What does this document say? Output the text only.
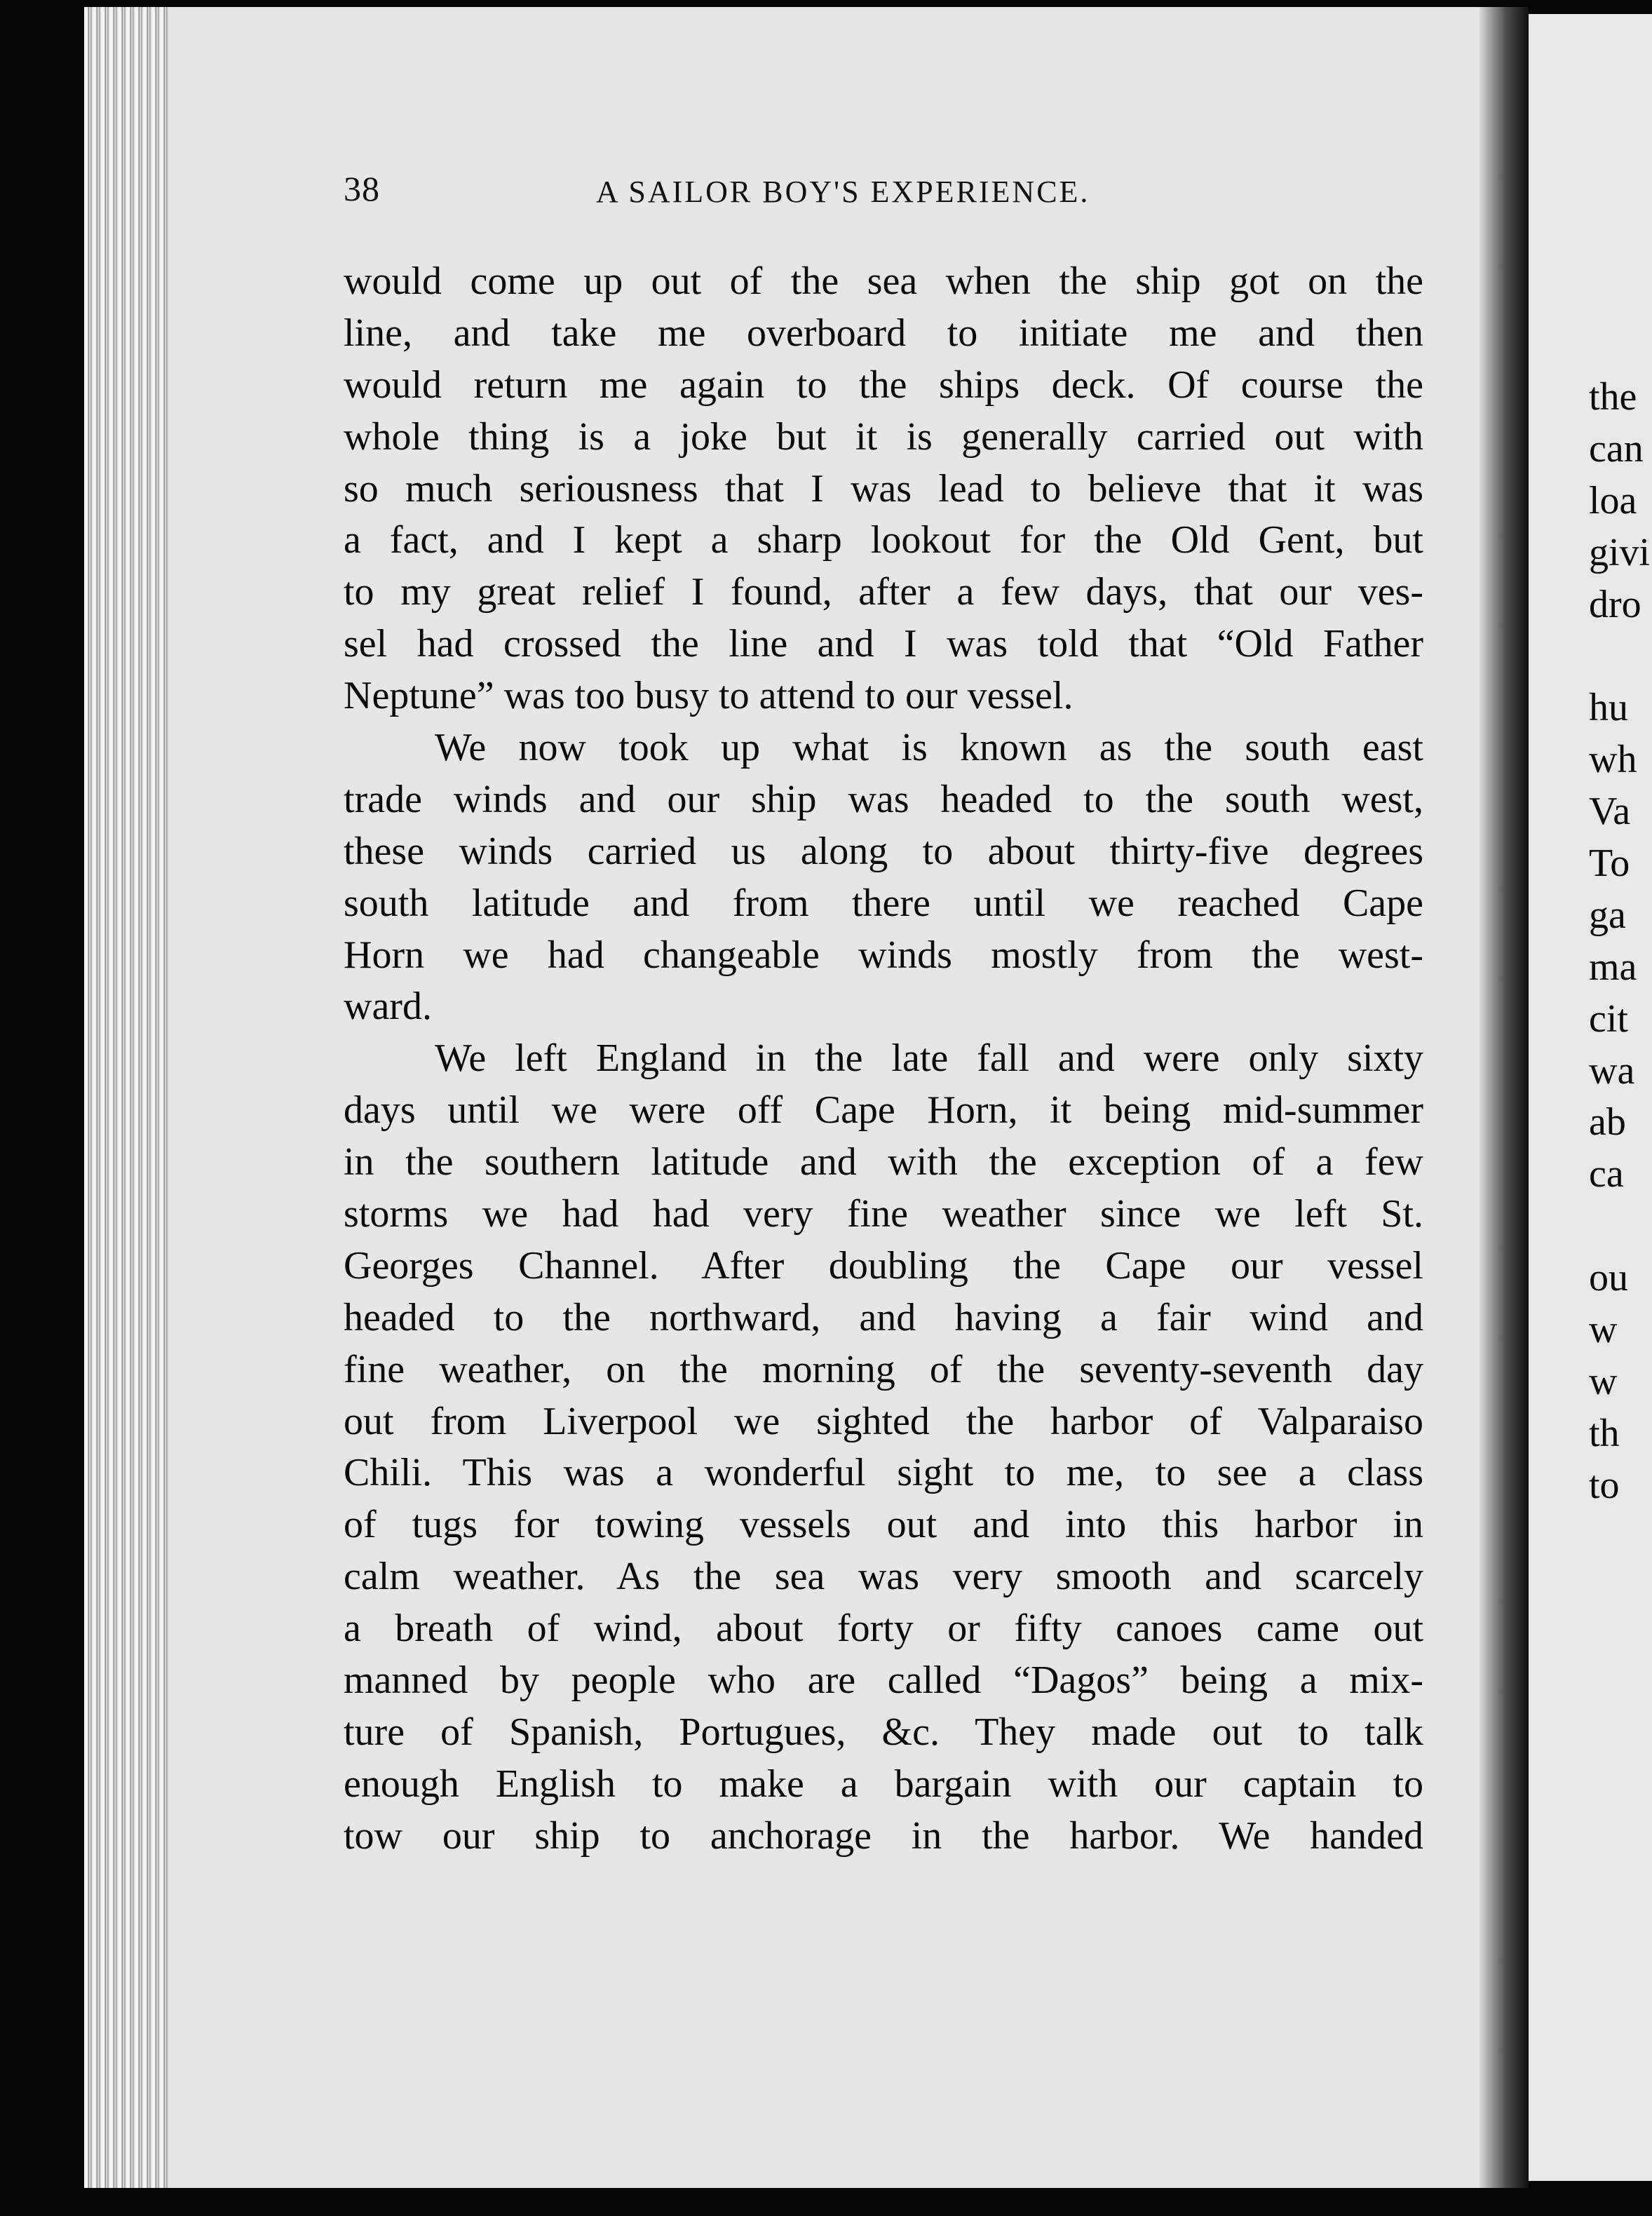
38	A SAILOR BOY'S EXPERIENCE.
would come up out of the sea when the ship got on the
line, and take me overboard to initiate me and then
would return me again to the ships deck. Of course the
whole thing is a joke but it is generally carried out with
so much seriousness that I was lead to believe that it was
a fact, and I kept a sharp lookout for the Old Gent, but
to my great relief I found, after a few days, that our ves-
sel had crossed the line and I was told that “Old Father
Neptune” was too busy to attend to our vessel.
We now took up what is known as the south east
trade winds and our ship was headed to the south west,
these winds carried us along to about thirty-five degrees
south latitude and from there until we reached Cape
Horn we had changeable winds mostly from the west-
ward.
We left England in the late fall and were only sixty
days until we were off Cape Horn, it being mid-summer
in the southern latitude and with the exception of a few
storms we had had very fine weather since we left St.
Georges Channel. After doubling the Cape our vessel
headed to the northward, and having a fair wind and
fine weather, on the morning of the seventy-seventh day
out from Liverpool we sighted the harbor of Valparaiso
Chili. This was a wonderful sight to me, to see a class
of tugs for towing vessels out and into this harbor in
calm weather. As the sea was very smooth and scarcely
a breath of wind, about forty or fifty canoes came out
manned by people who are called “Dagos” being a mix-
ture of Spanish, Portugues, &c. They made out to talk
enough English to make a bargain with our captain to
tow our ship to anchorage in the harbor. We handed
the
can
loa
givi
dro
hu
wh
Va
To
ga
ma
cit
wa
ab
ca
ou
w
w
th
to
